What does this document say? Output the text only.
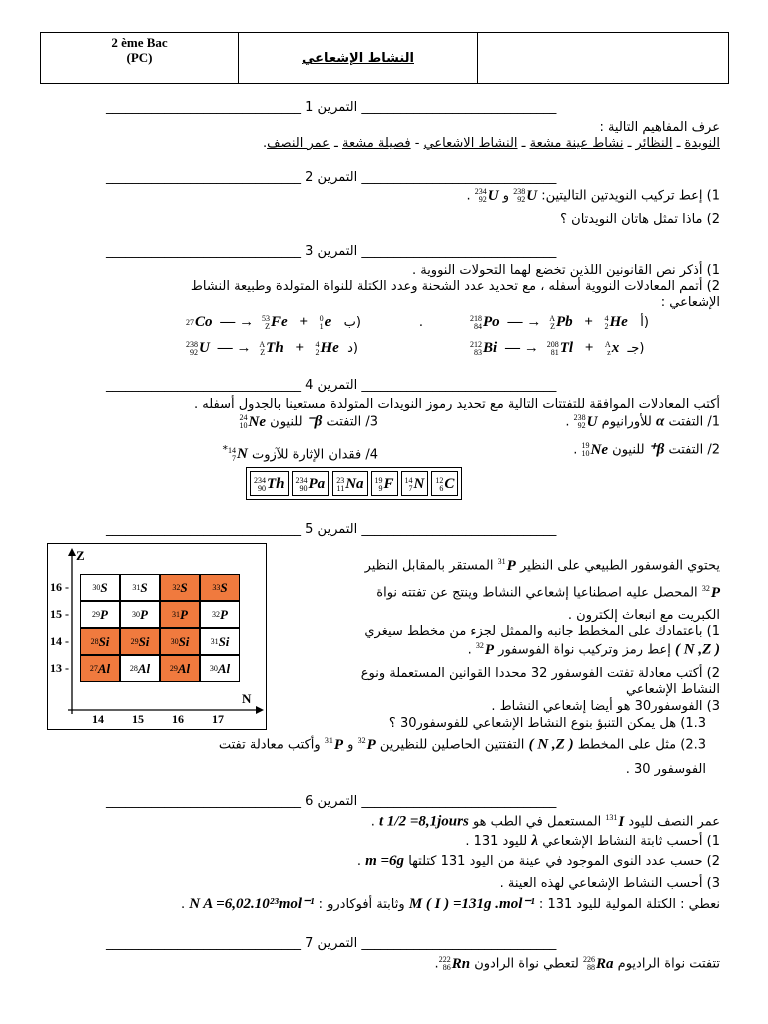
2 ème Bac
(PC)	النشاط الإشعاعي
______________________________ التمرين 1 ______________________________
عرف المفاهيم التالية :
النويدة ـ النظائر ـ نشاط عينة مشعة ـ النشاط الاشعاعي - فصيلة مشعة ـ عمر النصف.
______________________________ التمرين 2 ______________________________
1) إعط تركيب النويدتين التاليتين:
238
92 U
و
234
92 U
.
2) ماذا تمثل هاتان النويدتان ؟
______________________________ التمرين 3 ______________________________
1) أذكر نص القانونين اللذين تخضع لهما التحولات النووية .
2) أتمم المعادلات النووية أسفله ، مع تحديد عدد الشحنة وعدد الكتلة للنواة المتولدة وطبيعة النشاط
الإشعاعي :
218
84 Po — → A
Z Pb + 4
2 He أ)
27 Co — → 53
Z Fe + 0
1 e ب)              .
212
83 Bi — → 208
81 Tl + A
z x جـ)
238
92 U — → A
Z Th + 4
2 He د)
______________________________ التمرين 4 ______________________________
أكتب المعادلات الموافقة للتفتتات التالية مع تحديد رموز النويدات المتولدة مستعينا بالجدول أسفله .
1/ التفتت α للأورانيوم
238
92 U
.
3/ التفتت β⁻ للنيون
24
10 Ne
2/ التفتت β⁺ للنيون
19
10 Ne
.
4/ فقدان الإثارة للآزوت
14
7 N
*
234
90 Th	234
90 Pa	23
11 Na	19
9 F	14
7 N	12
6 C
______________________________ التمرين 5 ______________________________
Z
N
30 S	31 S	32 S	33 S
29 P	30 P	31 P	32 P
28 Si	29 Si	30 Si	31 Si
27 Al 28 Al 29 Al 30 Al
16 -
15 -
14 -
13 -
14 15 16 17
يحتوي الفوسفور الطبيعي على النظير
31
P
المستقر بالمقابل النظير
32
P
المحصل عليه اصطناعيا إشعاعي النشاط وينتج عن تفتته نواة
الكبريت مع انبعاث إلكترون .
1) باعتمادك على المخطط جانبه والممثل لجزء من مخطط سيغري
( N ,Z ) إعط رمز وتركيب نواة الفوسفور
32
P
.
2) أكتب معادلة تفتت الفوسفور 32 محددا القوانين المستعملة ونوع
النشاط الإشعاعي
3) الفوسفور30 هو أيضا إشعاعي النشاط .
1.3) هل يمكن التنبؤ بنوع النشاط الإشعاعي للفوسفور30 ؟
2.3) مثل على المخطط ( N ,Z ) التفتتين الحاصلين للنظيرين
32
P
و
31
P
وأكتب معادلة تفتت
الفوسفور 30 .
______________________________ التمرين 6 ______________________________
عمر النصف لليود
131
I
المستعمل في الطب هو t 1/2 =8,1jours .
1) أحسب ثابتة النشاط الإشعاعي λ لليود 131 .
2) حسب عدد النوى الموجود في عينة من اليود 131 كتلتها m =6g .
3) أحسب النشاط الإشعاعي لهذه العينة .
نعطي : الكتلة المولية لليود 131 : M ( I ) =131g .mol⁻¹ وثابتة أفوكادرو : N A =6,02.10²³mol⁻¹ .
______________________________ التمرين 7 ______________________________
تتفتت نواة الراديوم
226
88 Ra
لتعطي نواة الرادون
222
86 Rn
.
